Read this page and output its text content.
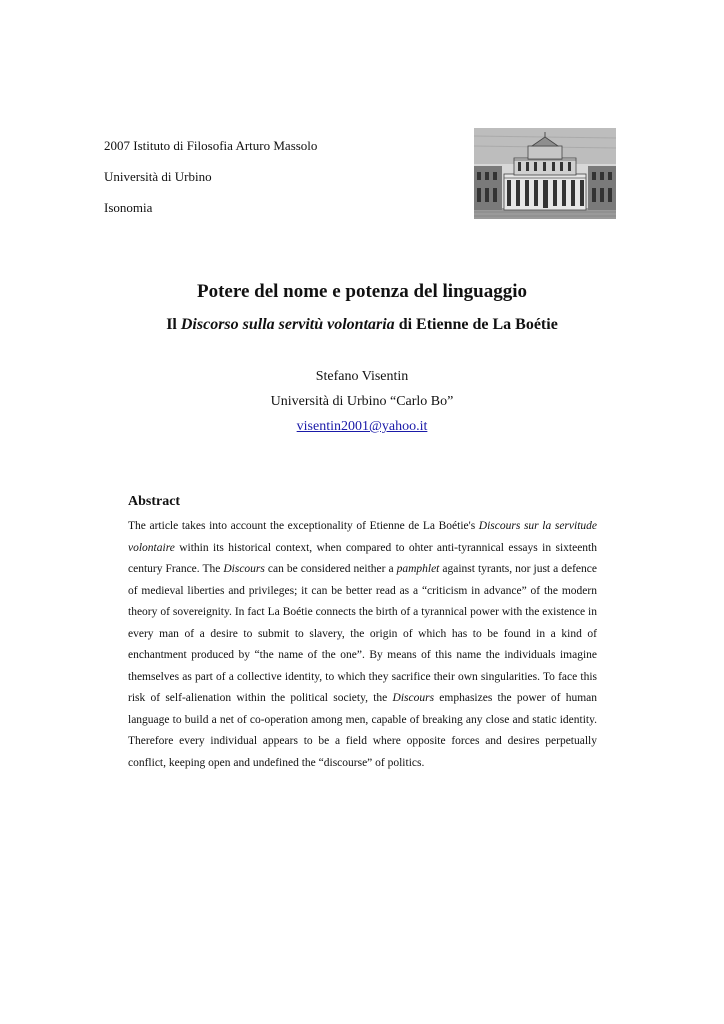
2007 Istituto di Filosofia Arturo Massolo
Università di Urbino
Isonomia
Potere del nome e potenza del linguaggio
Il Discorso sulla servitù volontaria di Etienne de La Boétie
Stefano Visentin
Università di Urbino “Carlo Bo”
visentin2001@yahoo.it
Abstract
The article takes into account the exceptionality of Etienne de La Boétie's Discours sur la servitude volontaire within its historical context, when compared to ohter anti-tyrannical essays in sixteenth century France. The Discours can be considered neither a pamphlet against tyrants, nor just a defence of medieval liberties and privileges; it can be better read as a “criticism in advance” of the modern theory of sovereignity. In fact La Boétie connects the birth of a tyrannical power with the existence in every man of a desire to submit to slavery, the origin of which has to be found in a kind of enchantment produced by “the name of the one”. By means of this name the individuals imagine themselves as part of a collective identity, to which they sacrifice their own singularities. To face this risk of self-alienation within the political society, the Discours emphasizes the power of human language to build a net of co-operation among men, capable of breaking any close and static identity. Therefore every individual appears to be a field where opposite forces and desires perpetually conflict, keeping open and undefined the “discourse” of politics.
